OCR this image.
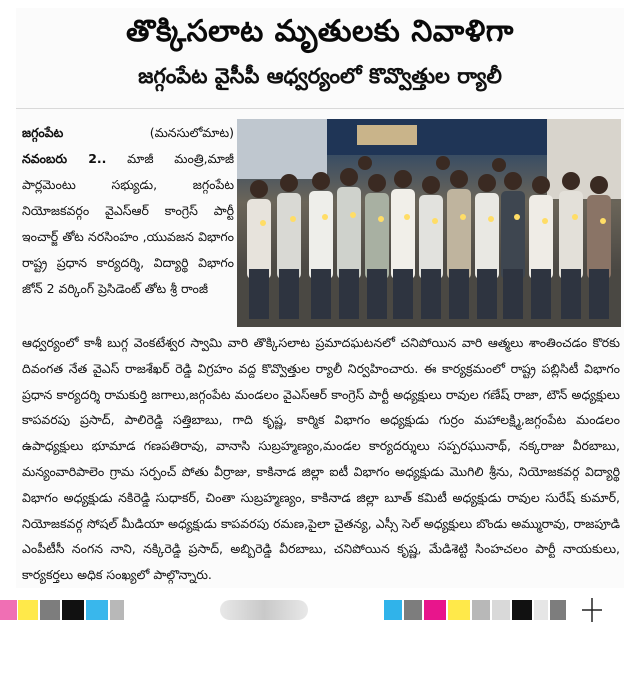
తొక్కిసలాట మృతులకు నివాళిగా
జగ్గంపేట వైసీపీ ఆధ్వర్యంలో కొవ్వొత్తుల ర్యాలీ

జగ్గంపేట	(మనసులోమాట)

నవంబరు 2.. మాజీ మంత్రి,మాజీ పార్లమెంటు సభ్యుడు, జగ్గంపేట నియోజకవర్గం వైఎస్ఆర్ కాంగ్రెస్ పార్టీ ఇంచార్జ్ తోట నరసింహం ,యువజన విభాగం రాష్ట్ర ప్రధాన కార్యదర్శి, విద్యార్థి విభాగం జోన్ 2 వర్కింగ్ ప్రెసిడెంట్ తోట శ్రీ రాంజీ

ఆధ్వర్యంలో కాశీ బుగ్గ వెంకటేశ్వర స్వామి వారి తొక్కిసలాట ప్రమాదఘటనలో చనిపోయిన వారి ఆత్మలు శాంతించడం కొరకు దివంగత నేత వైఎస్ రాజశేఖర్ రెడ్డి విగ్రహం వద్ద కొవ్వొత్తుల ర్యాలీ నిర్వహించారు. ఈ కార్యక్రమంలో రాష్ట్ర పబ్లిసిటీ విభాగం ప్రధాన కార్యదర్శి రామకుర్తి జగాలు,జగ్గంపేట మండలం వైఎస్ఆర్ కాంగ్రెస్ పార్టీ అధ్యక్షులు రావుల గణేష్ రాజా, టౌన్ అధ్యక్షులు కాపవరపు ప్రసాద్, పాలిరెడ్డి సత్తిబాబు, గాది కృష్ణ, కార్మిక విభాగం అధ్యక్షుడు గుర్రం మహాలక్ష్మి,జగ్గంపేట మండలం ఉపాధ్యక్షులు భూమాడ గణపతిరావు, వానాసి సుబ్రహ్మణ్యం,మండల కార్యదర్శులు సప్పరఘునాథ్, నక్కరాజు వీరబాబు, మన్యంవారిపాలెం గ్రామ సర్పంచ్ పోతు వీర్రాజు, కాకినాడ జిల్లా ఐటీ విభాగం అధ్యక్షుడు మొగిలి శ్రీను, నియోజకవర్గ విద్యార్థి విభాగం అధ్యక్షుడు నకిరెడ్డి సుధాకర్, చింతా సుబ్రహ్మణ్యం, కాకినాడ జిల్లా బూత్ కమిటీ అధ్యక్షుడు రావుల సురేష్ కుమార్, నియోజకవర్గ సోషల్ మీడియా అధ్యక్షుడు కాపవరపు రమణ,పైలా చైతన్య, ఎస్సీ సెల్ అధ్యక్షులు బొండు అమ్మురావు, రాజపూడి ఎంపీటీసీ నంగన నాని, నక్కిరెడ్డి ప్రసాద్, అబ్బిరెడ్డి వీరబాబు, చనిపోయిన కృష్ణ, మేడిశెట్టి సింహచలం పార్టీ నాయకులు, కార్యకర్తలు అధిక సంఖ్యలో పాల్గొన్నారు.
